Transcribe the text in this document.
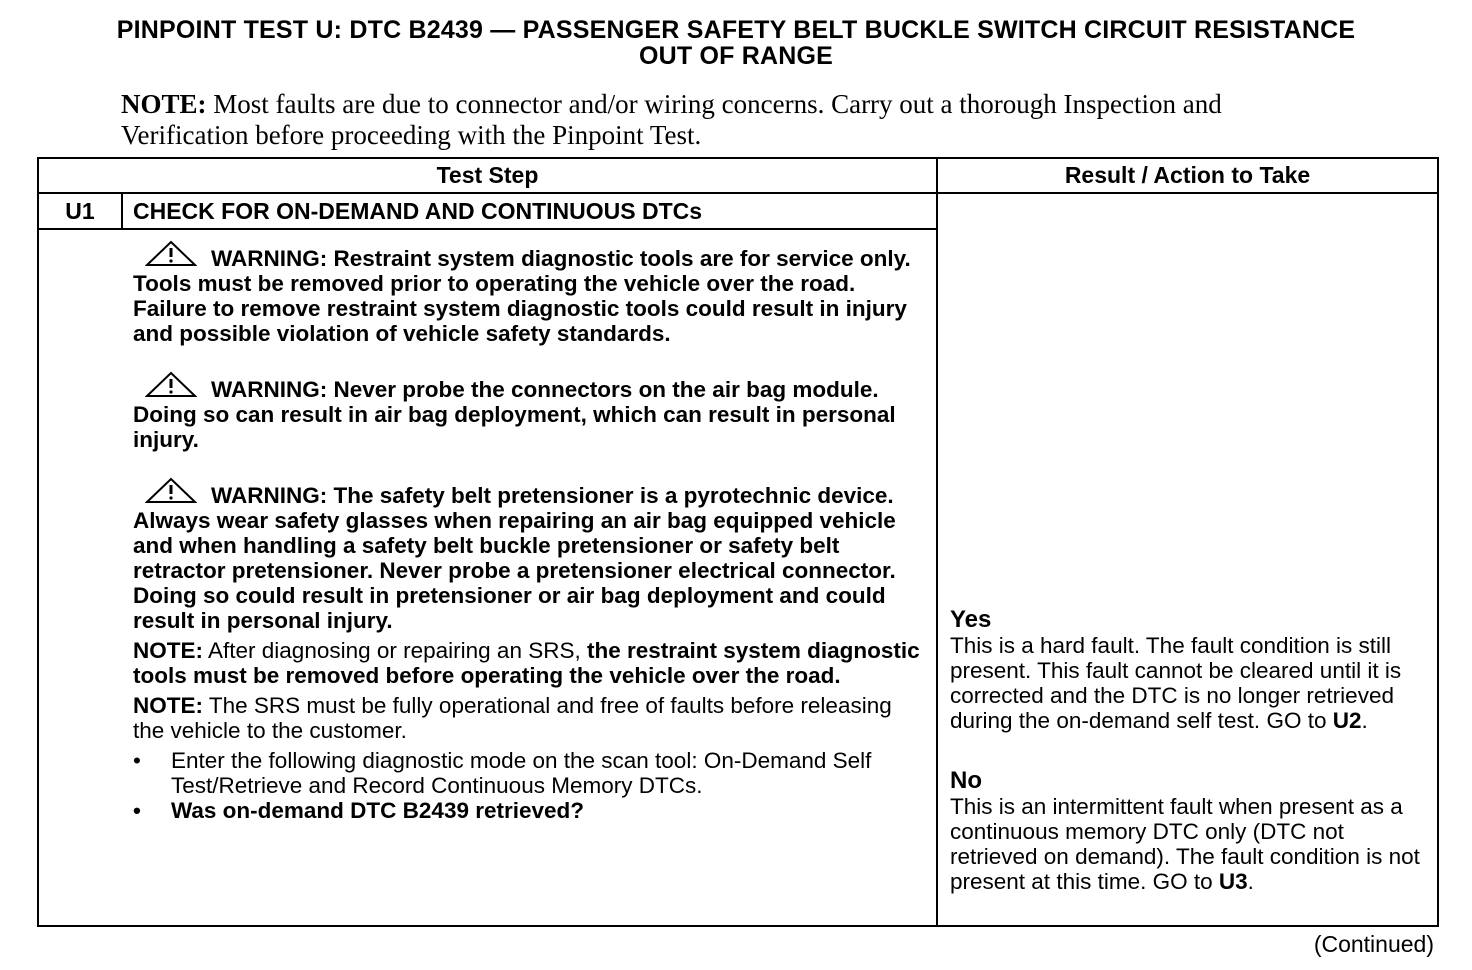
PINPOINT TEST U: DTC B2439 — PASSENGER SAFETY BELT BUCKLE SWITCH CIRCUIT RESISTANCE
OUT OF RANGE
NOTE: Most faults are due to connector and/or wiring concerns. Carry out a thorough Inspection and Verification before proceeding with the Pinpoint Test.
Test Step	Result / Action to Take
U1	CHECK FOR ON-DEMAND AND CONTINUOUS DTCs
WARNING: Restraint system diagnostic tools are for service only. Tools must be removed prior to operating the vehicle over the road. Failure to remove restraint system diagnostic tools could result in injury and possible violation of vehicle safety standards.
WARNING: Never probe the connectors on the air bag module. Doing so can result in air bag deployment, which can result in personal injury.
WARNING: The safety belt pretensioner is a pyrotechnic device. Always wear safety glasses when repairing an air bag equipped vehicle and when handling a safety belt buckle pretensioner or safety belt retractor pretensioner. Never probe a pretensioner electrical connector. Doing so could result in pretensioner or air bag deployment and could result in personal injury.
NOTE: After diagnosing or repairing an SRS, the restraint system diagnostic tools must be removed before operating the vehicle over the road.
NOTE: The SRS must be fully operational and free of faults before releasing the vehicle to the customer.
• Enter the following diagnostic mode on the scan tool: On-Demand Self Test/Retrieve and Record Continuous Memory DTCs.
• Was on-demand DTC B2439 retrieved?
Yes
This is a hard fault. The fault condition is still present. This fault cannot be cleared until it is corrected and the DTC is no longer retrieved during the on-demand self test. GO to U2.
No
This is an intermittent fault when present as a continuous memory DTC only (DTC not retrieved on demand). The fault condition is not present at this time. GO to U3.
(Continued)
